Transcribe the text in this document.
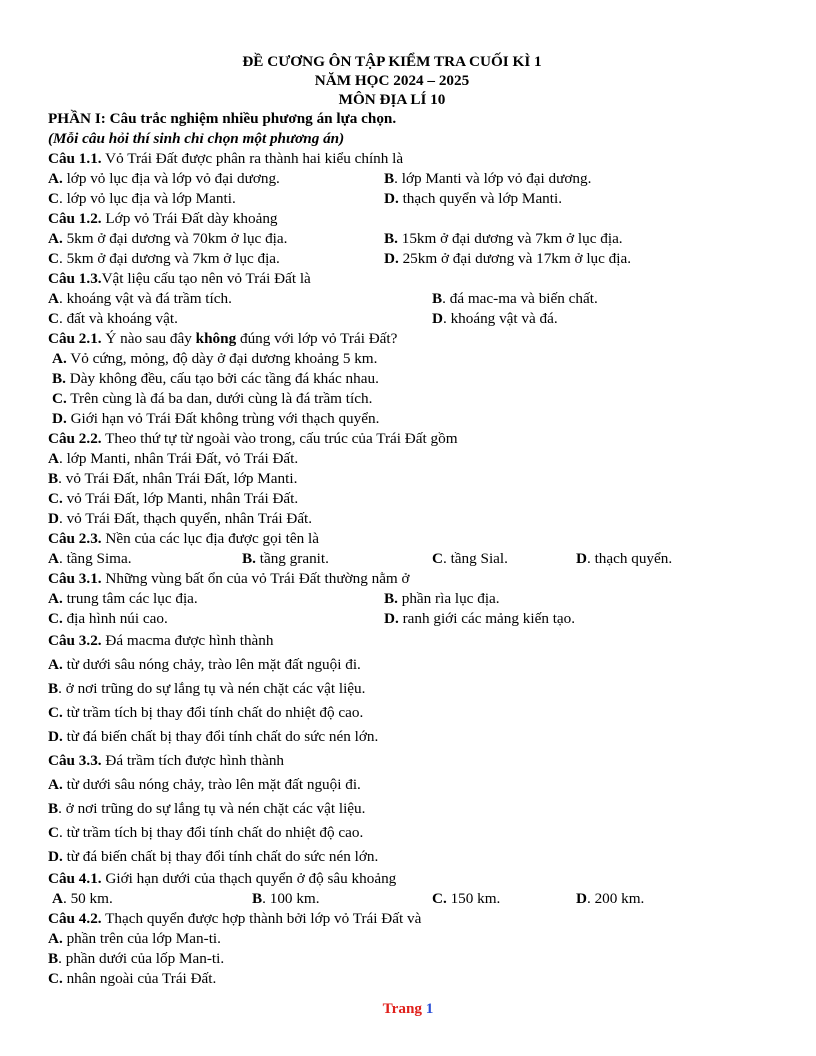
ĐỀ CƯƠNG ÔN TẬP KIỂM TRA CUỐI KÌ 1
NĂM HỌC 2024 – 2025
MÔN ĐỊA LÍ 10
PHẦN I: Câu trắc nghiệm nhiều phương án lựa chọn.
(Mỗi câu hỏi thí sinh chỉ chọn một phương án)
Câu 1.1. Vỏ Trái Đất được phân ra thành hai kiểu chính là
A. lớp vỏ lục địa và lớp vỏ đại dương.	B. lớp Manti và lớp vỏ đại dương.
C. lớp vỏ lục địa và lớp Manti.	D. thạch quyển và lớp Manti.
Câu 1.2. Lớp vỏ Trái Đất dày khoảng
A. 5km ở đại dương và 70km ở lục địa.	B. 15km ở đại dương và 7km ở lục địa.
C. 5km ở đại dương và 7km ở lục địa.	D. 25km ở đại dương và 17km ở lục địa.
Câu 1.3.Vật liệu cấu tạo nên vỏ Trái Đất là
A. khoáng vật và đá trầm tích.	B. đá mac-ma và biến chất.
C. đất và khoáng vật.	D. khoáng vật và đá.
Câu 2.1. Ý nào sau đây không đúng với lớp vỏ Trái Đất?
A. Vỏ cứng, mỏng, độ dày ở đại dương khoảng 5 km.
B. Dày không đều, cấu tạo bởi các tầng đá khác nhau.
C. Trên cùng là đá ba dan, dưới cùng là đá trầm tích.
D. Giới hạn vỏ Trái Đất không trùng với thạch quyển.
Câu 2.2. Theo thứ tự từ ngoài vào trong, cấu trúc của Trái Đất gồm
A. lớp Manti, nhân Trái Đất, vỏ Trái Đất.
B. vỏ Trái Đất, nhân Trái Đất, lớp Manti.
C. vỏ Trái Đất, lớp Manti, nhân Trái Đất.
D. vỏ Trái Đất, thạch quyển, nhân Trái Đất.
Câu 2.3. Nền của các lục địa được gọi tên là
A. tầng Sima.	B. tầng granit.	C. tầng Sial.	D. thạch quyển.
Câu 3.1. Những vùng bất ổn của vỏ Trái Đất thường nằm ở
A. trung tâm các lục địa.	B. phần rìa lục địa.
C. địa hình núi cao.	D. ranh giới các mảng kiến tạo.
Câu 3.2. Đá macma được hình thành
A. từ dưới sâu nóng chảy, trào lên mặt đất nguội đi.
B. ở nơi trũng do sự lắng tụ và nén chặt các vật liệu.
C. từ trầm tích bị thay đổi tính chất do nhiệt độ cao.
D. từ đá biến chất bị thay đổi tính chất do sức nén lớn.
Câu 3.3. Đá trầm tích được hình thành
A. từ dưới sâu nóng chảy, trào lên mặt đất nguội đi.
B. ở nơi trũng do sự lắng tụ và nén chặt các vật liệu.
C. từ trầm tích bị thay đổi tính chất do nhiệt độ cao.
D. từ đá biến chất bị thay đổi tính chất do sức nén lớn.
Câu 4.1. Giới hạn dưới của thạch quyển ở độ sâu khoảng
A. 50 km.	B. 100 km.	C. 150 km.	D. 200 km.
Câu 4.2. Thạch quyển được hợp thành bởi lớp vỏ Trái Đất và
A. phần trên của lớp Man-ti.
B. phần dưới của lốp Man-ti.
C. nhân ngoài của Trái Đất.
Trang 1
